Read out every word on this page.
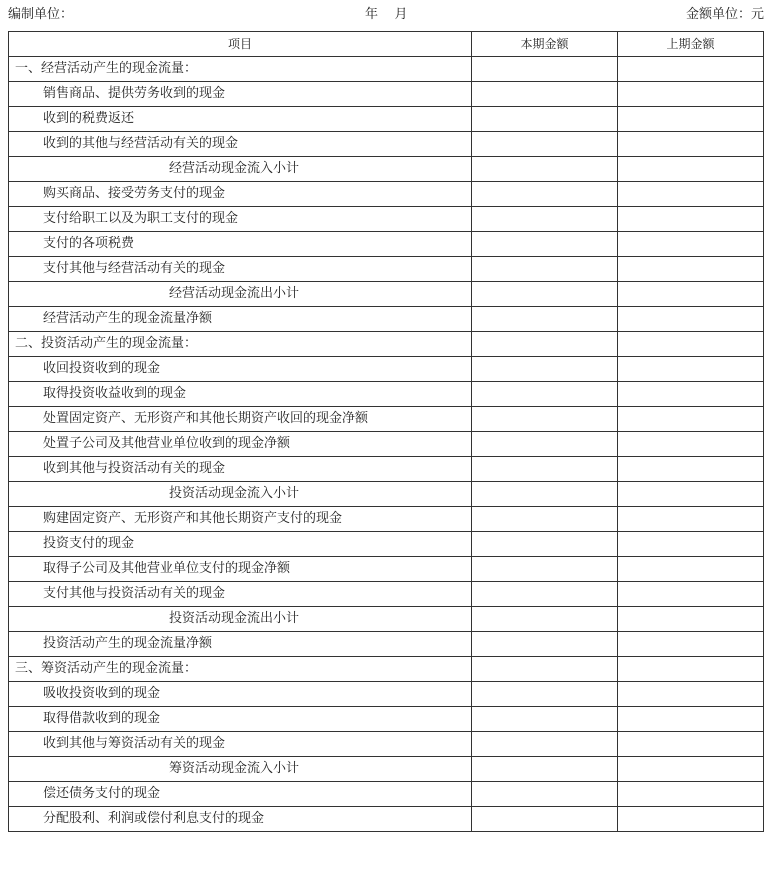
编制单位：	年    月	金额单位：元
项目	本期金额	上期金额
一、经营活动产生的现金流量：		
销售商品、提供劳务收到的现金		
收到的税费返还		
收到的其他与经营活动有关的现金		
经营活动现金流入小计		
购买商品、接受劳务支付的现金		
支付给职工以及为职工支付的现金		
支付的各项税费		
支付其他与经营活动有关的现金		
经营活动现金流出小计		
经营活动产生的现金流量净额		
二、投资活动产生的现金流量：		
收回投资收到的现金		
取得投资收益收到的现金		
处置固定资产、无形资产和其他长期资产收回的现金净额		
处置子公司及其他营业单位收到的现金净额		
收到其他与投资活动有关的现金		
投资活动现金流入小计		
购建固定资产、无形资产和其他长期资产支付的现金		
投资支付的现金		
取得子公司及其他营业单位支付的现金净额		
支付其他与投资活动有关的现金		
投资活动现金流出小计		
投资活动产生的现金流量净额		
三、筹资活动产生的现金流量：		
吸收投资收到的现金		
取得借款收到的现金		
收到其他与筹资活动有关的现金		
筹资活动现金流入小计		
偿还债务支付的现金		
分配股利、利润或偿付利息支付的现金		
